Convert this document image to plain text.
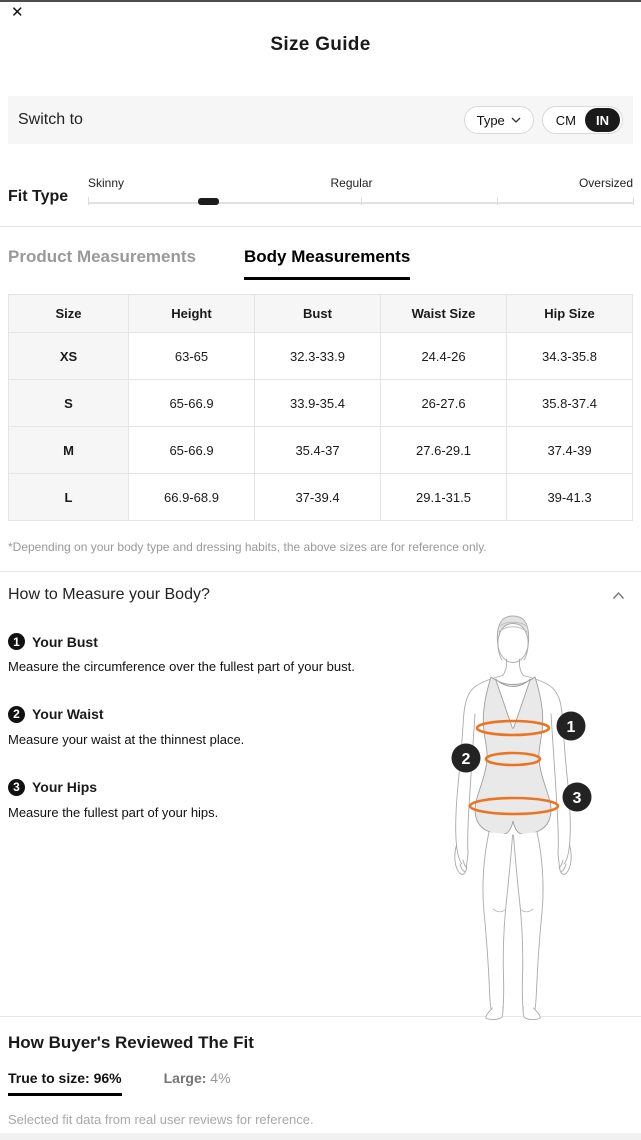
✕
Size Guide
Switch to	Type	CM	IN
Fit Type
Skinny	Regular	Oversized
Product Measurements	Body Measurements
Size	Height	Bust	Waist Size	Hip Size
XS	63-65	32.3-33.9	24.4-26	34.3-35.8
S	65-66.9	33.9-35.4	26-27.6	35.8-37.4
M	65-66.9	35.4-37	27.6-29.1	37.4-39
L	66.9-68.9	37-39.4	29.1-31.5	39-41.3
*Depending on your body type and dressing habits, the above sizes are for reference only.
How to Measure your Body?
1 Your Bust
Measure the circumference over the fullest part of your bust.
2 Your Waist
Measure your waist at the thinnest place.
3 Your Hips
Measure the fullest part of your hips.
1
2
3
How Buyer's Reviewed The Fit
True to size: 96%	Large: 4%
Selected fit data from real user reviews for reference.
